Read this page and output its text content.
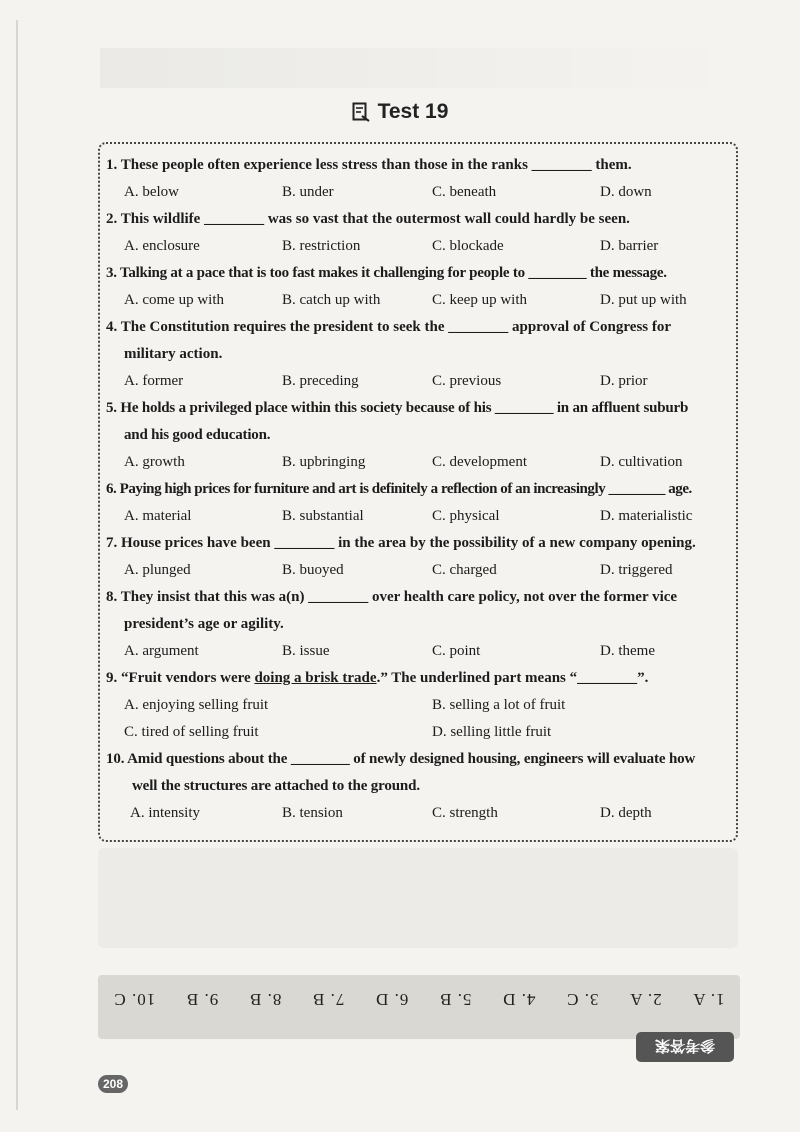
Test 19
1. These people often experience less stress than those in the ranks ________ them.
A. below	B. under	C. beneath	D. down
2. This wildlife ________ was so vast that the outermost wall could hardly be seen.
A. enclosure	B. restriction	C. blockade	D. barrier
3. Talking at a pace that is too fast makes it challenging for people to ________ the message.
A. come up with	B. catch up with	C. keep up with	D. put up with
4. The Constitution requires the president to seek the ________ approval of Congress for
military action.
A. former	B. preceding	C. previous	D. prior
5. He holds a privileged place within this society because of his ________ in an affluent suburb
and his good education.
A. growth	B. upbringing	C. development	D. cultivation
6. Paying high prices for furniture and art is definitely a reflection of an increasingly ________ age.
A. material	B. substantial	C. physical	D. materialistic
7. House prices have been ________ in the area by the possibility of a new company opening.
A. plunged	B. buoyed	C. charged	D. triggered
8. They insist that this was a(n) ________ over health care policy, not over the former vice
president’s age or agility.
A. argument	B. issue	C. point	D. theme
9. “Fruit vendors were doing a brisk trade.” The underlined part means “________”.
A. enjoying selling fruit	B. selling a lot of fruit
C. tired of selling fruit	D. selling little fruit
10. Amid questions about the ________ of newly designed housing, engineers will evaluate how
well the structures are attached to the ground.
A. intensity	B. tension	C. strength	D. depth
1. A
2. A
3. C
4. D
5. B
6. D
7. B
8. B
9. B
10. C
参考答案
208
